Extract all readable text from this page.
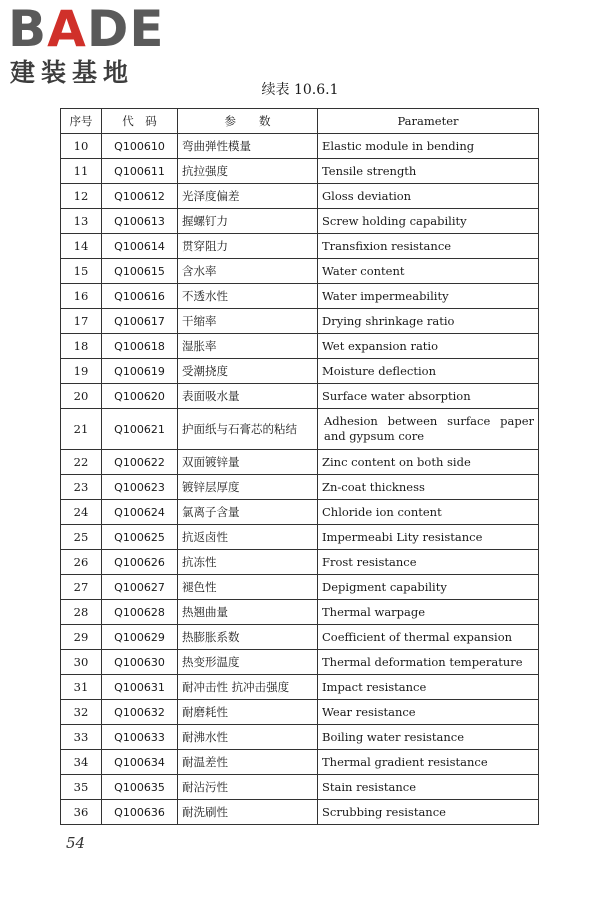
BADE
建装基地
续表 10.6.1
序号	代　码	参　　数	Parameter
10	Q100610	弯曲弹性模量	Elastic module in bending
11	Q100611	抗拉强度	Tensile strength
12	Q100612	光泽度偏差	Gloss deviation
13	Q100613	握螺钉力	Screw holding capability
14	Q100614	贯穿阻力	Transfixion resistance
15	Q100615	含水率	Water content
16	Q100616	不透水性	Water impermeability
17	Q100617	干缩率	Drying shrinkage ratio
18	Q100618	湿胀率	Wet expansion ratio
19	Q100619	受潮挠度	Moisture deflection
20	Q100620	表面吸水量	Surface water absorption
21	Q100621	护面纸与石膏芯的粘结	Adhesion between surface paper and gypsum core
22	Q100622	双面镀锌量	Zinc content on both side
23	Q100623	镀锌层厚度	Zn-coat thickness
24	Q100624	氯离子含量	Chloride ion content
25	Q100625	抗返卤性	Impermeabi Lity resistance
26	Q100626	抗冻性	Frost resistance
27	Q100627	褪色性	Depigment capability
28	Q100628	热翘曲量	Thermal warpage
29	Q100629	热膨胀系数	Coefficient of thermal expansion
30	Q100630	热变形温度	Thermal deformation temperature
31	Q100631	耐冲击性 抗冲击强度	Impact resistance
32	Q100632	耐磨耗性	Wear resistance
33	Q100633	耐沸水性	Boiling water resistance
34	Q100634	耐温差性	Thermal gradient resistance
35	Q100635	耐沾污性	Stain resistance
36	Q100636	耐洗刷性	Scrubbing resistance
54
